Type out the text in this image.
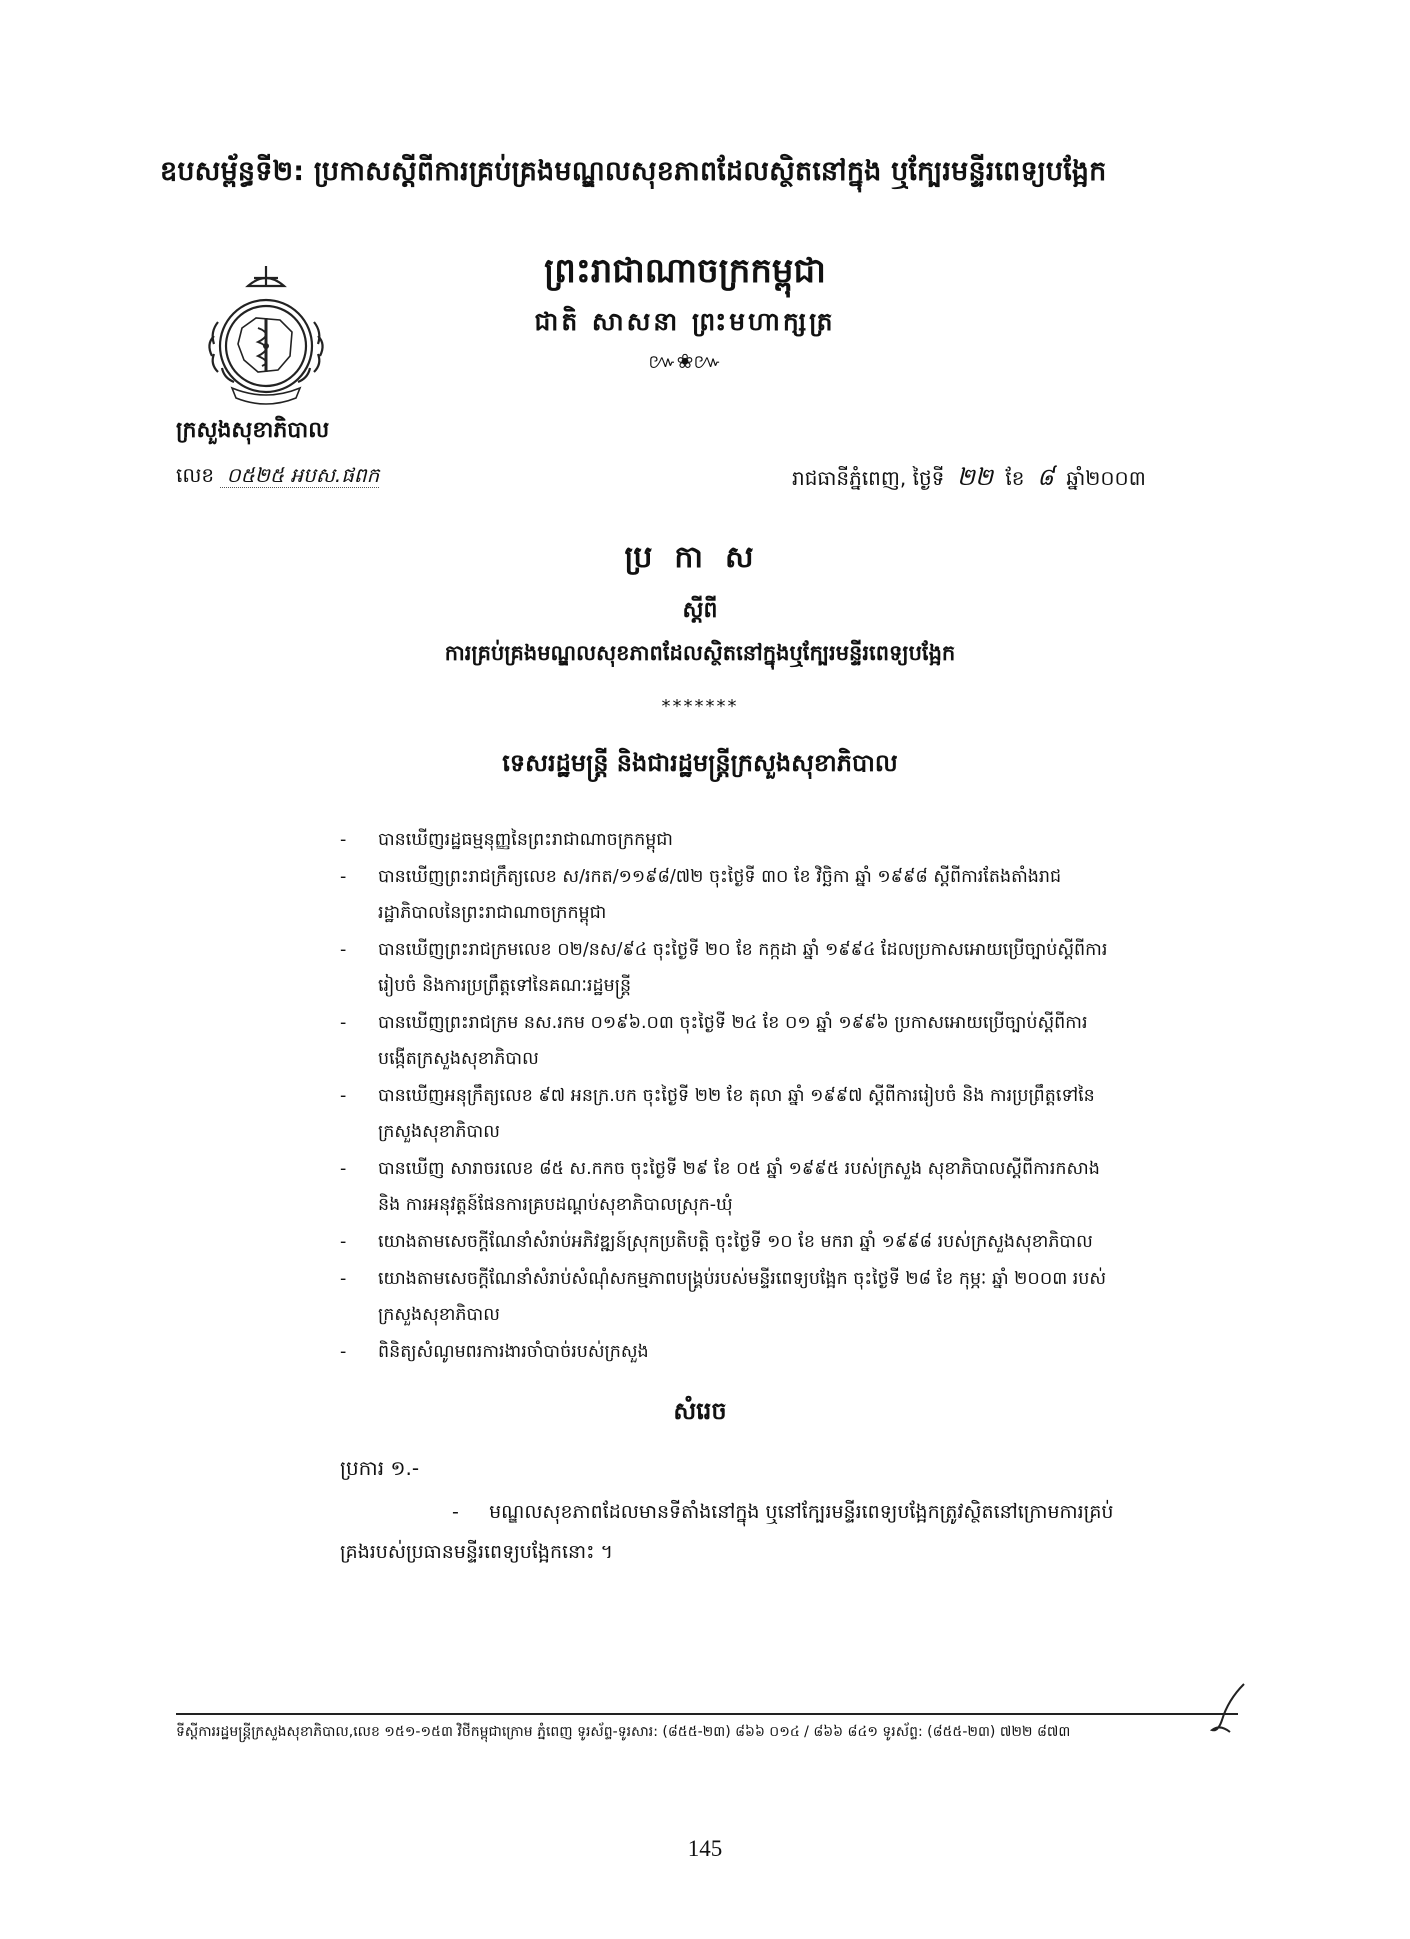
ឧបសម្ព័ន្ធទី២: ប្រកាសស្តីពីការគ្រប់គ្រងមណ្ឌលសុខភាពដែលស្ថិតនៅក្នុង ឬក្បែរមន្ទីរពេទ្យបង្អែក
ព្រះរាជាណាចក្រកម្ពុជា
ជាតិ សាសនា ព្រះមហាក្សត្រ
៚❀៚
ក្រសួងសុខាភិបាល
លេខ ០៥២៥ អបស.ផពក	រាជធានីភ្នំពេញ, ថ្ងៃទី ២២ ខែ ៨ ឆ្នាំ២០០៣
ប្រកាស
ស្តីពី
ការគ្រប់គ្រងមណ្ឌលសុខភាពដែលស្ថិតនៅក្នុងឬក្បែរមន្ទីរពេទ្យបង្អែក
*******
ទេសរដ្ឋមន្ត្រី និងជារដ្ឋមន្ត្រីក្រសួងសុខាភិបាល
- បានឃើញរដ្ឋធម្មនុញ្ញនៃព្រះរាជាណាចក្រកម្ពុជា
- បានឃើញព្រះរាជក្រឹត្យលេខ ស/រកត/១១៩៨/៧២ ចុះថ្ងៃទី ៣០ ខែ វិច្ឆិកា ឆ្នាំ ១៩៩៨ ស្តីពីការតែងតាំងរាជរដ្ឋាភិបាលនៃព្រះរាជាណាចក្រកម្ពុជា
- បានឃើញព្រះរាជក្រមលេខ ០២/នស/៩៤ ចុះថ្ងៃទី ២០ ខែ កក្កដា ឆ្នាំ ១៩៩៤ ដែលប្រកាសអោយប្រើច្បាប់ស្តីពីការរៀបចំ និងការប្រព្រឹត្តទៅនៃគណៈរដ្ឋមន្ត្រី
- បានឃើញព្រះរាជក្រម នស.រកម ០១៩៦.០៣ ចុះថ្ងៃទី ២៤ ខែ ០១ ឆ្នាំ ១៩៩៦ ប្រកាសអោយប្រើច្បាប់ស្តីពីការបង្កើតក្រសួងសុខាភិបាល
- បានឃើញអនុក្រឹត្យលេខ ៩៧ អនក្រ.បក ចុះថ្ងៃទី ២២ ខែ តុលា ឆ្នាំ ១៩៩៧ ស្តីពីការរៀបចំ និង ការប្រព្រឹត្តទៅនៃក្រសួងសុខាភិបាល
- បានឃើញ សារាចរលេខ ៨៥ ស.កកច ចុះថ្ងៃទី ២៩ ខែ ០៥ ឆ្នាំ ១៩៩៥ របស់ក្រសួង សុខាភិបាលស្តីពីការកសាង និង ការអនុវត្តន៍ផែនការគ្របដណ្តប់សុខាភិបាលស្រុក-ឃុំ
- យោងតាមសេចក្តីណែនាំសំរាប់អភិវឌ្ឍន៍ស្រុកប្រតិបត្តិ ចុះថ្ងៃទី ១០ ខែ មករា ឆ្នាំ ១៩៩៨ របស់ក្រសួងសុខាភិបាល
- យោងតាមសេចក្តីណែនាំសំរាប់សំណុំសកម្មភាពបង្គ្រប់របស់មន្ទីរពេទ្យបង្អែក ចុះថ្ងៃទី ២៨ ខែ កុម្ភៈ ឆ្នាំ ២០០៣ របស់ក្រសួងសុខាភិបាល
- ពិនិត្យសំណូមពរការងារចាំបាច់របស់ក្រសួង
សំរេច
ប្រការ ១.-
- មណ្ឌលសុខភាពដែលមានទីតាំងនៅក្នុង ឬនៅក្បែរមន្ទីរពេទ្យបង្អែកត្រូវស្ថិតនៅក្រោមការគ្រប់គ្រងរបស់ប្រធានមន្ទីរពេទ្យបង្អែកនោះ ។
ទីស្តីការរដ្ឋមន្ត្រីក្រសួងសុខាភិបាល,លេខ ១៥១-១៥៣ វិថីកម្ពុជាក្រោម ភ្នំពេញ ទូរស័ព្ទ-ទូរសារ: (៨៥៥-២៣) ៨៦៦ ០១៤ / ៨៦៦ ៨៤១ ទូរស័ព្ទ: (៨៥៥-២៣) ៧២២ ៨៧៣
145
